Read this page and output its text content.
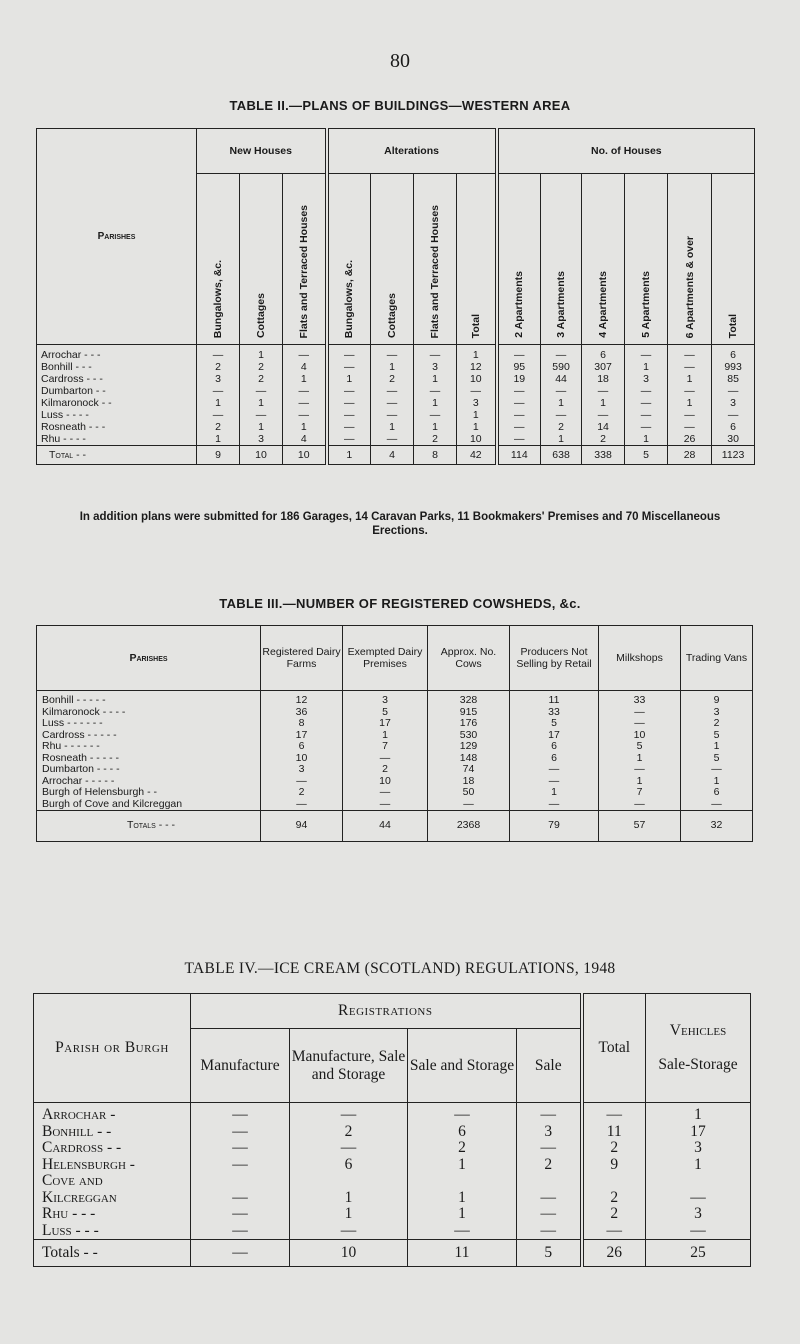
80
TABLE II.—PLANS OF BUILDINGS—WESTERN AREA
Parishes	New Houses			Alterations				No. of Houses					

	Bungalows, &c.	Cottages	Flats and Terraced Houses	Bungalows, &c.	Cottages	Flats and Terraced Houses	Total	2 Apartments	3 Apartments	4 Apartments	5 Apartments	6 Apartments & over	Total

Arrochar - - -	—	1	—	—	—	—	1	—	—	6	—	—	6
Bonhill - - -	2	2	4	—	1	3	12	95	590	307	1	—	993
Cardross - - -	3	2	1	1	2	1	10	19	44	18	3	1	85
Dumbarton - -	—	—	—	—	—	—	—	—	—	—	—	—	—
Kilmaronock - -	1	1	—	—	—	1	3	—	1	1	—	1	3
Luss - - - -	—	—	—	—	—	—	1	—	—	—	—	—	—
Rosneath - - -	2	1	1	—	1	1	1	—	2	14	—	—	6
Rhu - - - -	1	3	4	—	—	2	10	—	1	2	1	26	30
Total - -	9	10	10	1	4	8	42	114	638	338	5	28	1123
In addition plans were submitted for 186 Garages, 14 Caravan Parks, 11 Bookmakers' Premises and 70 Miscellaneous Erections.
TABLE III.—NUMBER OF REGISTERED COWSHEDS, &c.
Parishes	Registered Dairy Farms	Exempted Dairy Premises	Approx. No. Cows	Producers Not Selling by Retail	Milkshops	Trading Vans
Bonhill - - - - -	12	3	328	11	33	9
Kilmaronock - - - -	36	5	915	33	—	3
Luss - - - - - -	8	17	176	5	—	2
Cardross - - - - -	17	1	530	17	10	5
Rhu - - - - - -	6	7	129	6	5	1
Rosneath - - - - -	10	—	148	6	1	5
Dumbarton - - - -	3	2	74	—	—	—
Arrochar - - - - -	—	10	18	—	1	1
Burgh of Helensburgh - -	2	—	50	1	7	6
Burgh of Cove and Kilcreggan	—	—	—	—	—	—
Totals - - -	94	44	2368	79	57	32
TABLE IV.—ICE CREAM (SCOTLAND) REGULATIONS, 1948
Parish or Burgh	Registrations				Total	Vehicles
Sale-Storage

	Manufacture	Manufacture, Sale and Storage	Sale and Storage	Sale		
Arrochar -	—	—	—	—	—	1
Bonhill - -	—	2	6	3	11	17
Cardross - -	—	—	2	—	2	3
Helensburgh -	—	6	1	2	9	1
Cove and						
Kilcreggan	—	1	1	—	2	—
Rhu - - -	—	1	1	—	2	3
Luss - - -	—	—	—	—	—	—
Totals - -	—	10	11	5	26	25
